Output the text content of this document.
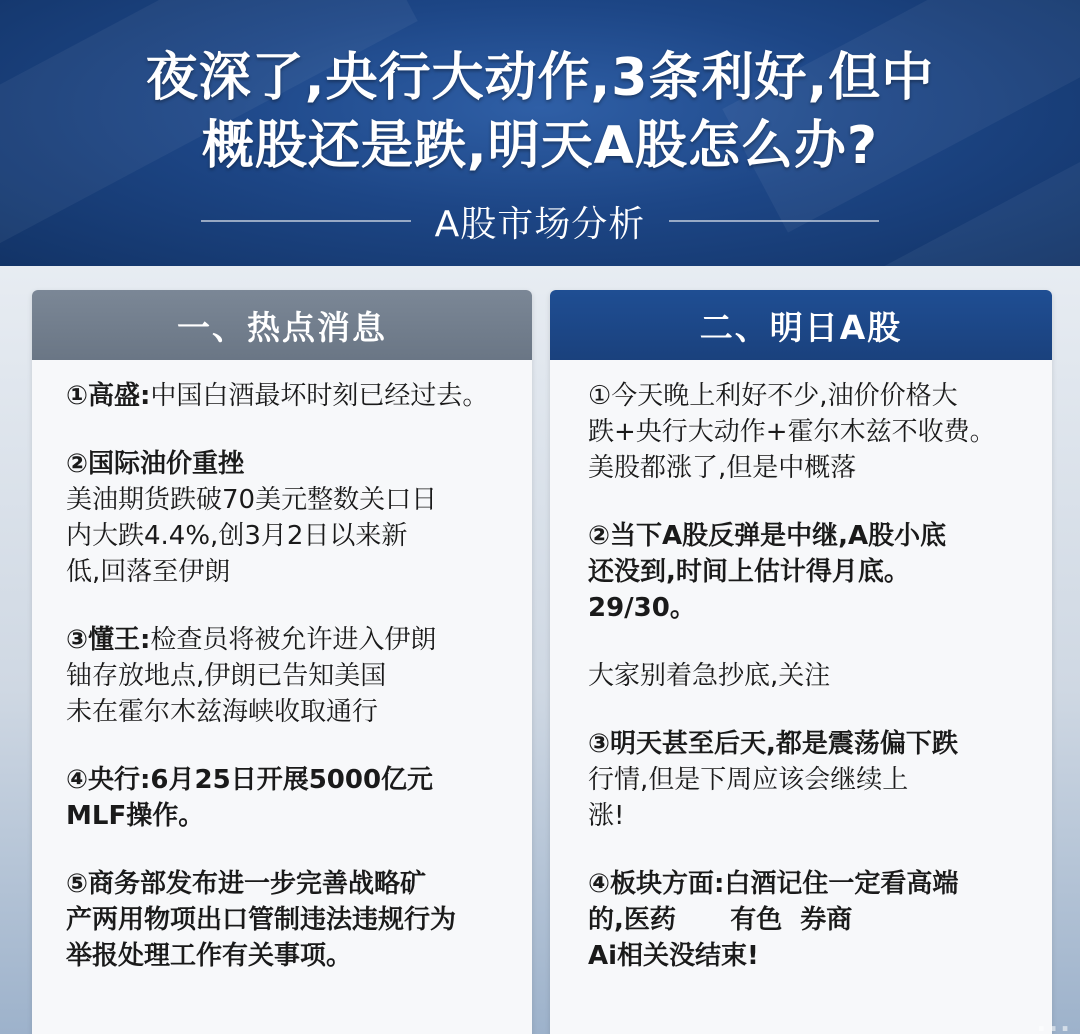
夜深了,央行大动作,3条利好,但中
概股还是跌,明天A股怎么办?
A股市场分析
一、热点消息

①高盛:中国白酒最坏时刻已经过去。

②国际油价重挫

美油期货跌破70美元整数关口日

内大跌4.4%,创3月2日以来新

低,回落至伊朗

③懂王:检查员将被允许进入伊朗

铀存放地点,伊朗已告知美国

未在霍尔木兹海峡收取通行

④央行:6月25日开展5000亿元

MLF操作。

⑤商务部发布进一步完善战略矿

产两用物项出口管制违法违规行为

举报处理工作有关事项。

二、明日A股

①今天晚上利好不少,油价价格大

跌+央行大动作+霍尔木兹不收费。

美股都涨了,但是中概落

②当下A股反弹是中继,A股小底

还没到,时间上估计得月底。

29/30。

大家别着急抄底,关注

③明天甚至后天,都是震荡偏下跌

行情,但是下周应该会继续上

涨!

④板块方面:白酒记住一定看高端

的,医药      有色  券商

Ai相关没结束!

...
